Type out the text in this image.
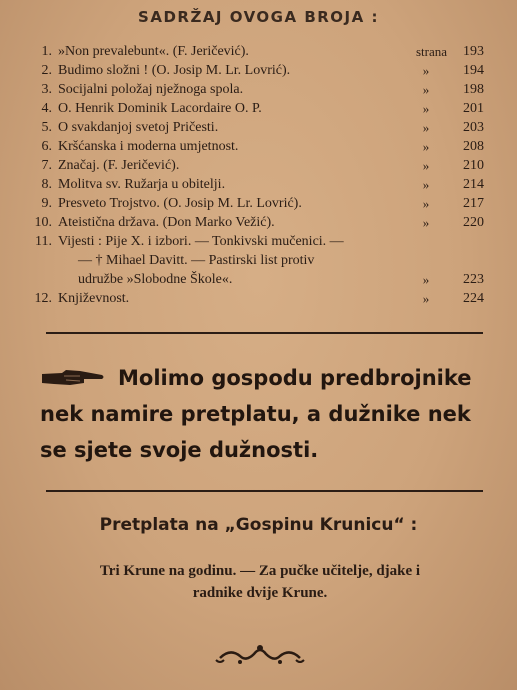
SADRŽAJ OVOGA BROJA :
1. »Non prevalebunt«. (F. Jeričević).	strana	193
2. Budimo složni ! (O. Josip M. Lr. Lovrić).	»	194
3. Socijalni položaj nježnoga spola.	»	198
4. O. Henrik Dominik Lacordaire O. P.	»	201
5. O svakdanjoj svetoj Pričesti.	»	203
6. Kršćanska i moderna umjetnost.	»	208
7. Značaj. (F. Jeričević).	»	210
8. Molitva sv. Ružarja u obitelji.	»	214
9. Presveto Trojstvo. (O. Josip M. Lr. Lovrić).	»	217
10. Ateistična država. (Don Marko Vežić).	»	220
11. Vijesti : Pije X. i izbori. — Tonkivski mučenici. —
— † Mihael Davitt. — Pastirski list protiv
udružbe »Slobodne Škole«.	»	223
12. Književnost.	»	224
Molimo gospodu predbrojnike
nek namire pretplatu, a dužnike nek
se sjete svoje dužnosti.
Pretplata na „Gospinu Krunicu“ :
Tri Krune na godinu. — Za pučke učitelje, djake i
radnike dvije Krune.
